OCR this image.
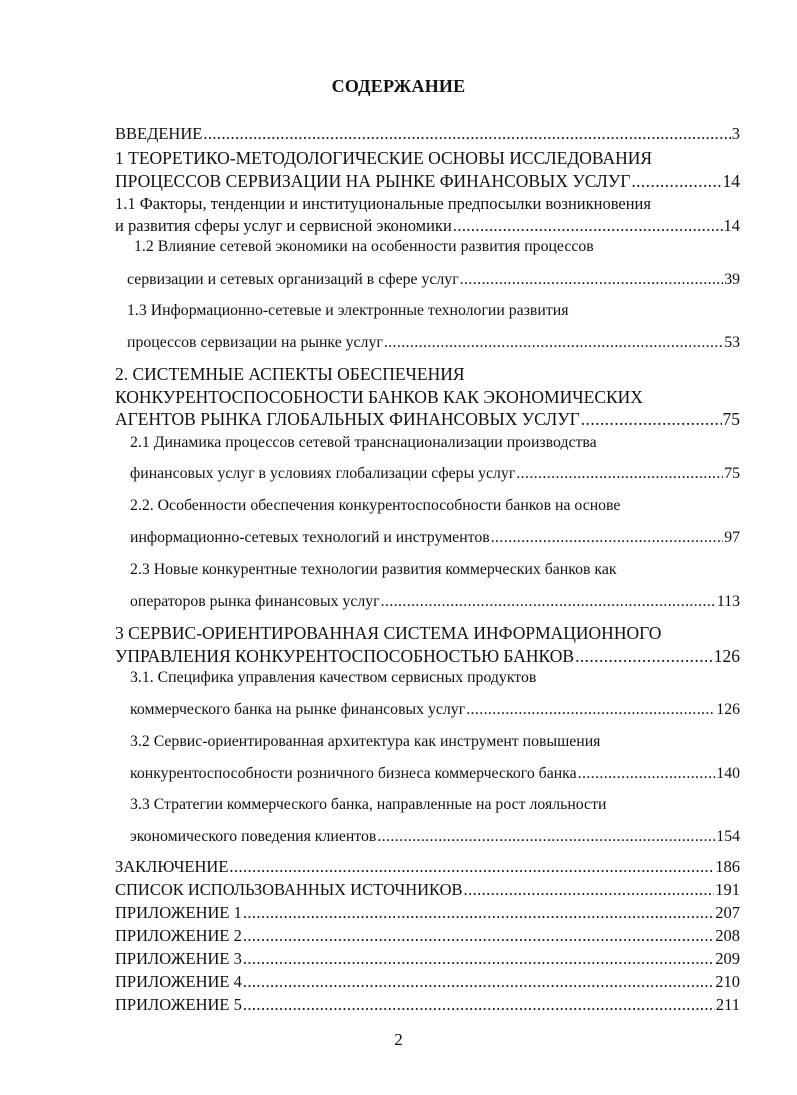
СОДЕРЖАНИЕ
ВВЕДЕНИЕ .....	3
1 ТЕОРЕТИКО-МЕТОДОЛОГИЧЕСКИЕ ОСНОВЫ ИССЛЕДОВАНИЯ
ПРОЦЕССОВ СЕРВИЗАЦИИ НА РЫНКЕ ФИНАНСОВЫХ УСЛУГ .....	14
1.1 Факторы, тенденции и институциональные предпосылки возникновения
и развития сферы услуг и сервисной экономики .....	14
1.2 Влияние сетевой экономики на особенности развития процессов
сервизации и сетевых организаций в сфере услуг .....	39
1.3 Информационно-сетевые и электронные технологии развития
процессов сервизации на рынке услуг .....	53
2. СИСТЕМНЫЕ АСПЕКТЫ ОБЕСПЕЧЕНИЯ
КОНКУРЕНТОСПОСОБНОСТИ БАНКОВ КАК ЭКОНОМИЧЕСКИХ
АГЕНТОВ РЫНКА ГЛОБАЛЬНЫХ ФИНАНСОВЫХ УСЛУГ .....	75
2.1 Динамика процессов сетевой транснационализации производства
финансовых услуг в условиях глобализации сферы услуг .....	75
2.2. Особенности обеспечения конкурентоспособности банков на основе
информационно-сетевых технологий и инструментов .....	97
2.3 Новые конкурентные технологии развития коммерческих банков как
операторов рынка финансовых услуг .....	113
3 СЕРВИС-ОРИЕНТИРОВАННАЯ СИСТЕМА ИНФОРМАЦИОННОГО
УПРАВЛЕНИЯ КОНКУРЕНТОСПОСОБНОСТЬЮ БАНКОВ .....	126
3.1. Специфика управления качеством сервисных продуктов
коммерческого банка на рынке финансовых услуг .....	126
3.2 Сервис-ориентированная архитектура как инструмент повышения
конкурентоспособности розничного бизнеса коммерческого банка .....	140
3.3 Стратегии коммерческого банка, направленные на рост лояльности
экономического поведения клиентов .....	154
ЗАКЛЮЧЕНИЕ .....	186
СПИСОК ИСПОЛЬЗОВАННЫХ ИСТОЧНИКОВ .....	191
ПРИЛОЖЕНИЕ 1 .....	207
ПРИЛОЖЕНИЕ 2 .....	208
ПРИЛОЖЕНИЕ 3 .....	209
ПРИЛОЖЕНИЕ 4 .....	210
ПРИЛОЖЕНИЕ 5 .....	211
2
